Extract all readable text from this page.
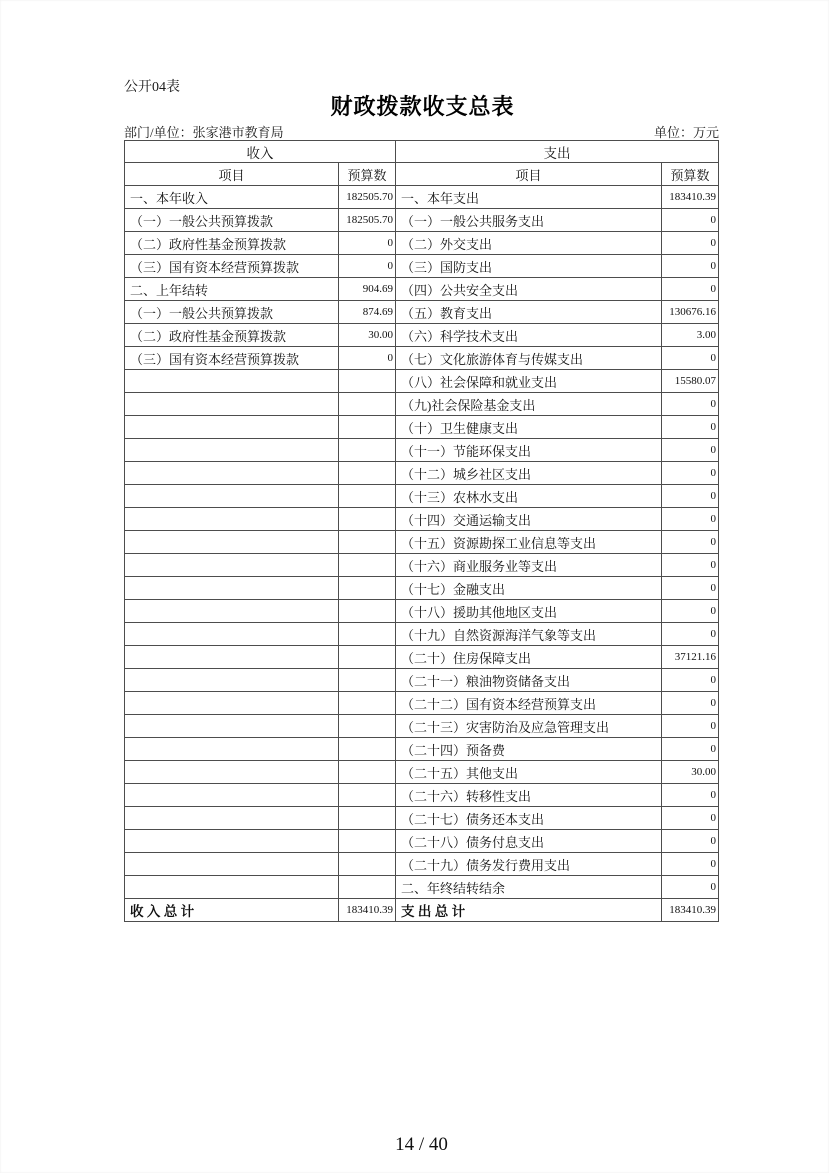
公开04表
财政拨款收支总表
部门/单位：张家港市教育局	单位：万元
收入		支出	
项目	预算数	项目	预算数
一、本年收入	182505.70	一、本年支出	183410.39
（一）一般公共预算拨款	182505.70	（一）一般公共服务支出	0
（二）政府性基金预算拨款	0	（二）外交支出	0
（三）国有资本经营预算拨款	0	（三）国防支出	0
二、上年结转	904.69	（四）公共安全支出	0
（一）一般公共预算拨款	874.69	（五）教育支出	130676.16
（二）政府性基金预算拨款	30.00	（六）科学技术支出	3.00
（三）国有资本经营预算拨款	0	（七）文化旅游体育与传媒支出	0
		（八）社会保障和就业支出	15580.07
		（九)社会保险基金支出	0
		（十）卫生健康支出	0
		（十一）节能环保支出	0
		（十二）城乡社区支出	0
		（十三）农林水支出	0
		（十四）交通运输支出	0
		（十五）资源勘探工业信息等支出	0
		（十六）商业服务业等支出	0
		（十七）金融支出	0
		（十八）援助其他地区支出	0
		（十九）自然资源海洋气象等支出	0
		（二十）住房保障支出	37121.16
		（二十一）粮油物资储备支出	0
		（二十二）国有资本经营预算支出	0
		（二十三）灾害防治及应急管理支出	0
		（二十四）预备费	0
		（二十五）其他支出	30.00
		（二十六）转移性支出	0
		（二十七）债务还本支出	0
		（二十八）债务付息支出	0
		（二十九）债务发行费用支出	0
		二、年终结转结余	0
收 入 总 计	183410.39	支 出 总 计	183410.39
14 / 40
